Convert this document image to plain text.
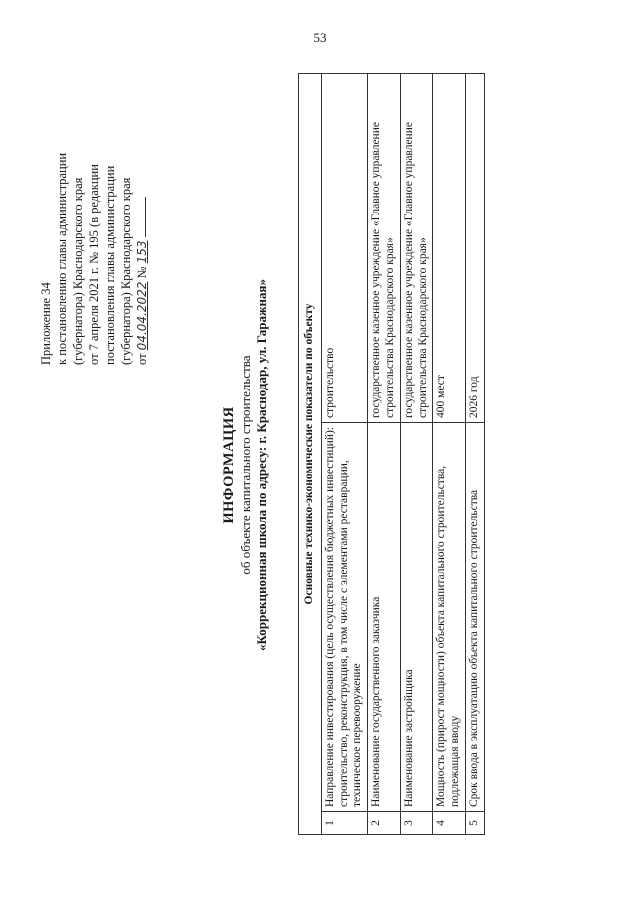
53
Приложение 34 к постановлению главы администрации (губернатора) Краснодарского края от 7 апреля 2021 г. № 195 (в редакции постановления главы администрации (губернатора) Краснодарского края от 04.04.2022 № 153
ИНФОРМАЦИЯ об объекте капитального строительства «Коррекционная школа по адресу: г. Краснодар, ул. Гаражная»	Основные технико-экономические показатели по объекту		
1	Направление инвестирования (цель осуществления бюджетных инвестиций): строительство, реконструкция, в том числе с элементами реставрации, техническое перевооружение	строительство
2	Наименование государственного заказчика	государственное казенное учреждение «Главное управление строительства Краснодарского края»
3	Наименование застройщика	государственное казенное учреждение «Главное управление строительства Краснодарского края»
4	Мощность (прирост мощности) объекта капитального строительства, подлежащая вводу	400 мест
5	Срок ввода в эксплуатацию объекта капитального строительства	2026 год
